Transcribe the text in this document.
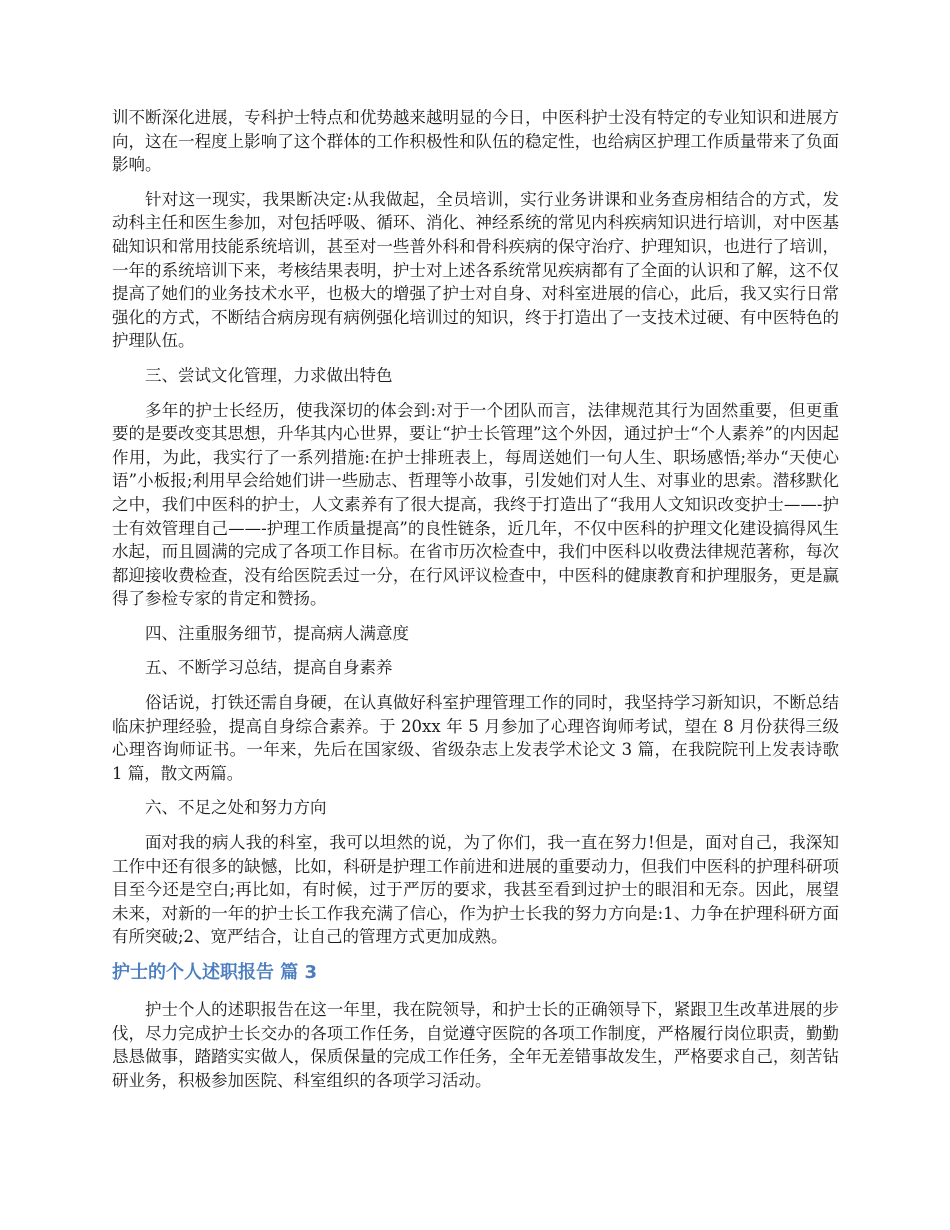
训不断深化进展，专科护士特点和优势越来越明显的今日，中医科护士没有特定的专业知识和进展方向，这在一程度上影响了这个群体的工作积极性和队伍的稳定性，也给病区护理工作质量带来了负面影响。

针对这一现实，我果断决定:从我做起，全员培训，实行业务讲课和业务查房相结合的方式，发动科主任和医生参加，对包括呼吸、循环、消化、神经系统的常见内科疾病知识进行培训，对中医基础知识和常用技能系统培训，甚至对一些普外科和骨科疾病的保守治疗、护理知识，也进行了培训，一年的系统培训下来，考核结果表明，护士对上述各系统常见疾病都有了全面的认识和了解，这不仅提高了她们的业务技术水平，也极大的增强了护士对自身、对科室进展的信心，此后，我又实行日常强化的方式，不断结合病房现有病例强化培训过的知识，终于打造出了一支技术过硬、有中医特色的护理队伍。

三、尝试文化管理，力求做出特色

多年的护士长经历，使我深切的体会到:对于一个团队而言，法律规范其行为固然重要，但更重要的是要改变其思想，升华其内心世界，要让“护士长管理”这个外因，通过护士“个人素养”的内因起作用，为此，我实行了一系列措施:在护士排班表上，每周送她们一句人生、职场感悟;举办“天使心语”小板报;利用早会给她们讲一些励志、哲理等小故事，引发她们对人生、对事业的思索。潜移默化之中，我们中医科的护士，人文素养有了很大提高，我终于打造出了“我用人文知识改变护士——-护士有效管理自己——-护理工作质量提高”的良性链条，近几年，不仅中医科的护理文化建设搞得风生水起，而且圆满的完成了各项工作目标。在省市历次检查中，我们中医科以收费法律规范著称，每次都迎接收费检查，没有给医院丢过一分，在行风评议检查中，中医科的健康教育和护理服务，更是赢得了参检专家的肯定和赞扬。

四、注重服务细节，提高病人满意度

五、不断学习总结，提高自身素养

俗话说，打铁还需自身硬，在认真做好科室护理管理工作的同时，我坚持学习新知识，不断总结临床护理经验，提高自身综合素养。于 20xx 年 5 月参加了心理咨询师考试，望在 8 月份获得三级心理咨询师证书。一年来，先后在国家级、省级杂志上发表学术论文 3 篇，在我院院刊上发表诗歌 1 篇，散文两篇。

六、不足之处和努力方向

面对我的病人我的科室，我可以坦然的说，为了你们，我一直在努力!但是，面对自己，我深知工作中还有很多的缺憾，比如，科研是护理工作前进和进展的重要动力，但我们中医科的护理科研项目至今还是空白;再比如，有时候，过于严厉的要求，我甚至看到过护士的眼泪和无奈。因此，展望未来，对新的一年的护士长工作我充满了信心，作为护士长我的努力方向是:1、力争在护理科研方面有所突破;2、宽严结合，让自己的管理方式更加成熟。

护士的个人述职报告 篇 3

护士个人的述职报告在这一年里，我在院领导，和护士长的正确领导下，紧跟卫生改革进展的步伐，尽力完成护士长交办的各项工作任务，自觉遵守医院的各项工作制度，严格履行岗位职责，勤勤恳恳做事，踏踏实实做人，保质保量的完成工作任务，全年无差错事故发生，严格要求自己，刻苦钻研业务，积极参加医院、科室组织的各项学习活动。
